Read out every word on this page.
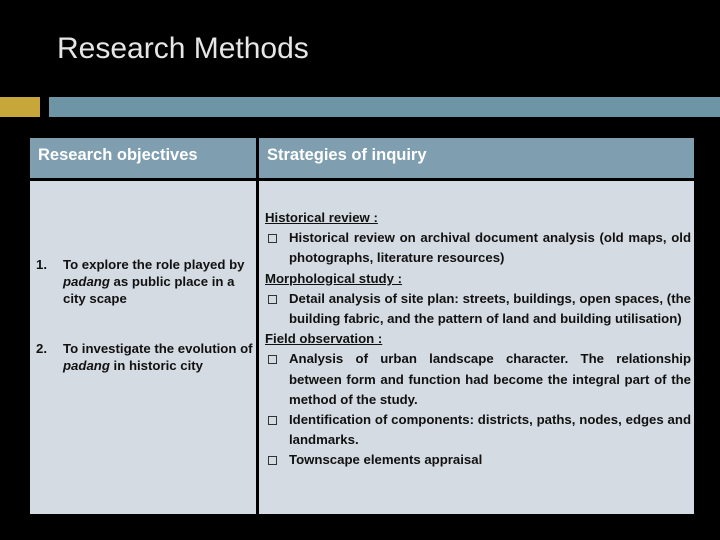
Research Methods
Research objectives	Strategies of inquiry
1. To explore the role played by padang as public place in a city scape
2. To investigate the evolution of padang in historic city
Historical review :
Historical review on archival document analysis (old maps, old photographs, literature resources)
Morphological study :
Detail analysis of site plan: streets, buildings, open spaces, (the building fabric, and the pattern of land and building utilisation)
Field observation :
Analysis of urban landscape character. The relationship between form and function had become the integral part of the method of the study.
Identification of components: districts, paths, nodes, edges and landmarks.
Townscape elements appraisal
